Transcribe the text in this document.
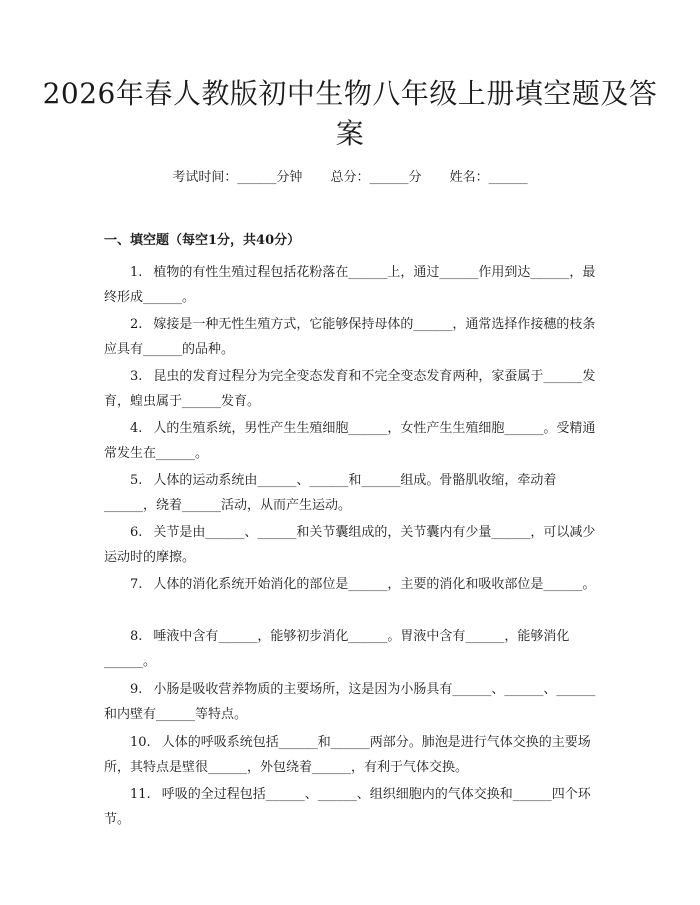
2026年春人教版初中生物八年级上册填空题及答案
考试时间：______分钟 总分：______分 姓名：______
一、填空题（每空1分，共40分）

1. 植物的有性生殖过程包括花粉落在______上，通过______作用到达______，最终形成______。

2. 嫁接是一种无性生殖方式，它能够保持母体的______，通常选择作接穗的枝条应具有______的品种。

3. 昆虫的发育过程分为完全变态发育和不完全变态发育两种，家蚕属于______发育，蝗虫属于______发育。

4. 人的生殖系统，男性产生生殖细胞______，女性产生生殖细胞______。受精通常发生在______。

5. 人体的运动系统由______、______和______组成。骨骼肌收缩，牵动着______，绕着______活动，从而产生运动。

6. 关节是由______、______和关节囊组成的，关节囊内有少量______，可以减少运动时的摩擦。

7. 人体的消化系统开始消化的部位是______，主要的消化和吸收部位是______。

8. 唾液中含有______，能够初步消化______。胃液中含有______，能够消化______。

9. 小肠是吸收营养物质的主要场所，这是因为小肠具有______、______、______和内壁有______等特点。

10. 人体的呼吸系统包括______和______两部分。肺泡是进行气体交换的主要场所，其特点是壁很______，外包绕着______，有利于气体交换。

11. 呼吸的全过程包括______、______、组织细胞内的气体交换和______四个环节。
